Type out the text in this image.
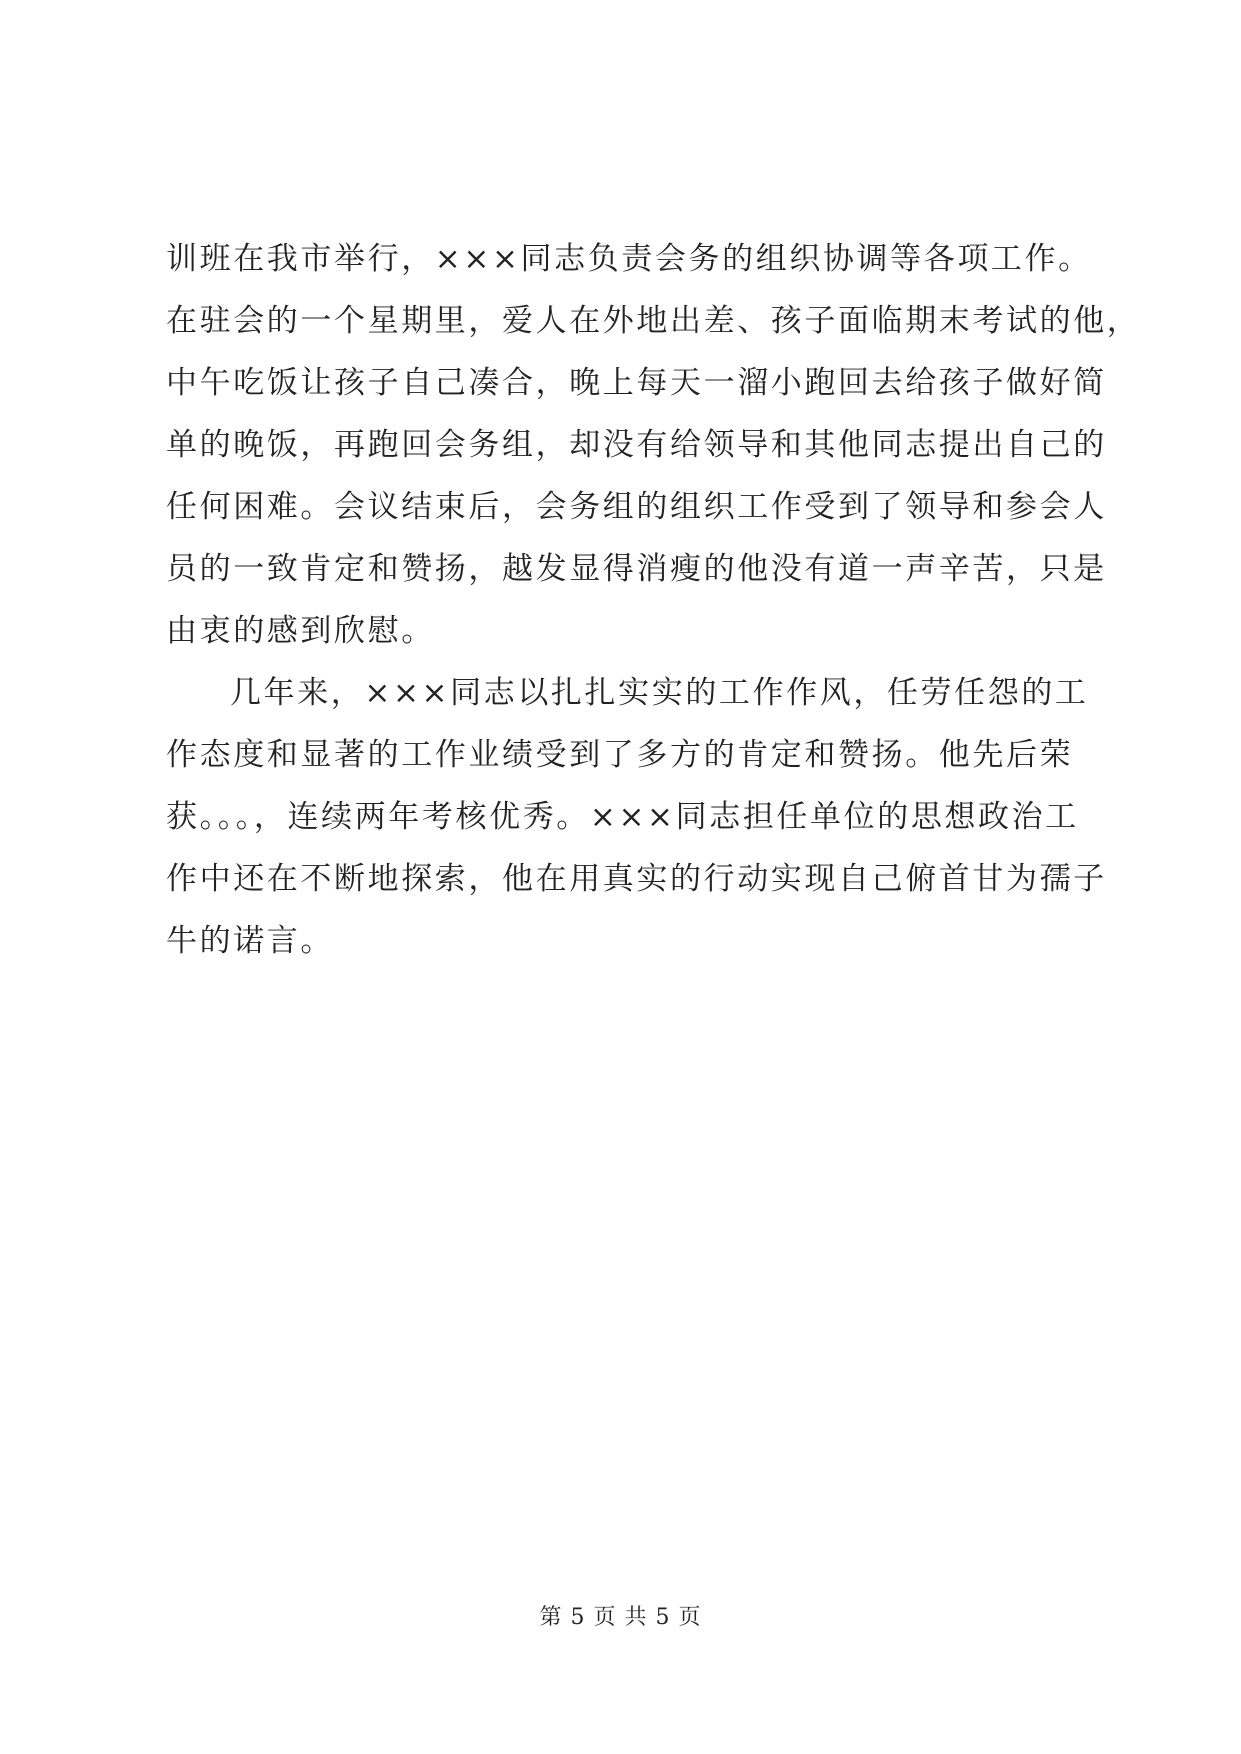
训班在我市举行，×××同志负责会务的组织协调等各项工作。
在驻会的一个星期里，爱人在外地出差、孩子面临期末考试的他，
中午吃饭让孩子自己凑合，晚上每天一溜小跑回去给孩子做好简
单的晚饭，再跑回会务组，却没有给领导和其他同志提出自己的
任何困难。会议结束后，会务组的组织工作受到了领导和参会人
员的一致肯定和赞扬，越发显得消瘦的他没有道一声辛苦，只是
由衷的感到欣慰。
几年来，×××同志以扎扎实实的工作作风，任劳任怨的工
作态度和显著的工作业绩受到了多方的肯定和赞扬。他先后荣
获。。。，连续两年考核优秀。×××同志担任单位的思想政治工
作中还在不断地探索，他在用真实的行动实现自己俯首甘为孺子
牛的诺言。
第 5 页 共 5 页
